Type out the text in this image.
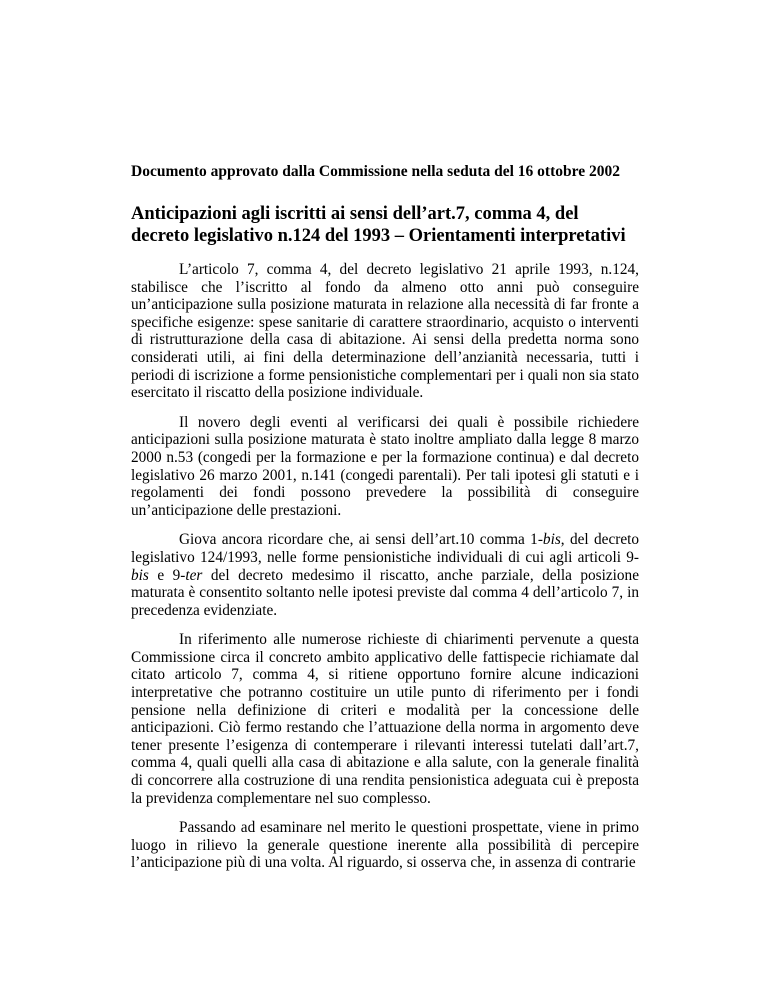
Documento approvato dalla Commissione nella seduta del 16 ottobre 2002

Anticipazioni agli iscritti ai sensi dell’art.7, comma 4, del decreto legislativo n.124 del 1993 – Orientamenti interpretativi

L’articolo 7, comma 4, del decreto legislativo 21 aprile 1993, n.124, stabilisce che l’iscritto al fondo da almeno otto anni può conseguire un’anticipazione sulla posizione maturata in relazione alla necessità di far fronte a specifiche esigenze: spese sanitarie di carattere straordinario, acquisto o interventi di ristrutturazione della casa di abitazione. Ai sensi della predetta norma sono considerati utili, ai fini della determinazione dell’anzianità necessaria, tutti i periodi di iscrizione a forme pensionistiche complementari per i quali non sia stato esercitato il riscatto della posizione individuale.

Il novero degli eventi al verificarsi dei quali è possibile richiedere anticipazioni sulla posizione maturata è stato inoltre ampliato dalla legge 8 marzo 2000 n.53 (congedi per la formazione e per la formazione continua) e dal decreto legislativo 26 marzo 2001, n.141 (congedi parentali). Per tali ipotesi gli statuti e i regolamenti dei fondi possono prevedere la possibilità di conseguire un’anticipazione delle prestazioni.

Giova ancora ricordare che, ai sensi dell’art.10 comma 1-bis, del decreto legislativo 124/1993, nelle forme pensionistiche individuali di cui agli articoli 9-bis e 9-ter del decreto medesimo il riscatto, anche parziale, della posizione maturata è consentito soltanto nelle ipotesi previste dal comma 4 dell’articolo 7, in precedenza evidenziate.

In riferimento alle numerose richieste di chiarimenti pervenute a questa Commissione circa il concreto ambito applicativo delle fattispecie richiamate dal citato articolo 7, comma 4, si ritiene opportuno fornire alcune indicazioni interpretative che potranno costituire un utile punto di riferimento per i fondi pensione nella definizione di criteri e modalità per la concessione delle anticipazioni. Ciò fermo restando che l’attuazione della norma in argomento deve tener presente l’esigenza di contemperare i rilevanti interessi tutelati dall’art.7, comma 4, quali quelli alla casa di abitazione e alla salute, con la generale finalità di concorrere alla costruzione di una rendita pensionistica adeguata cui è preposta la previdenza complementare nel suo complesso.

Passando ad esaminare nel merito le questioni prospettate, viene in primo luogo in rilievo la generale questione inerente alla possibilità di percepire l’anticipazione più di una volta. Al riguardo, si osserva che, in assenza di contrarie
